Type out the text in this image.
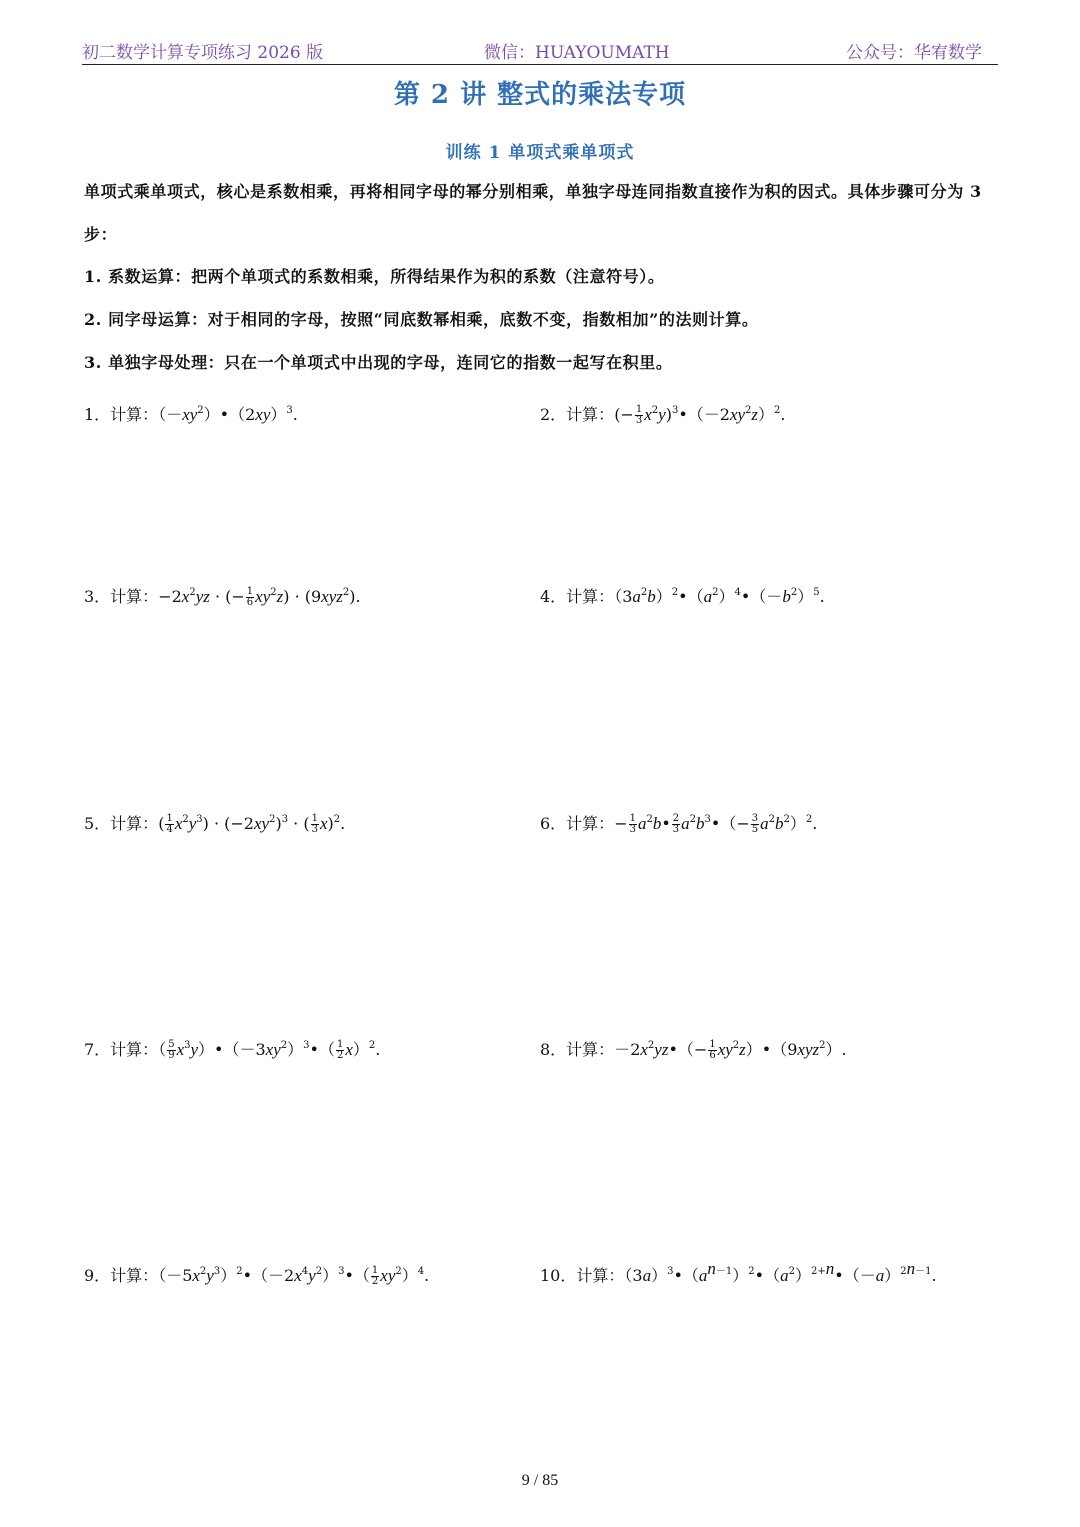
初二数学计算专项练习 2026 版	微信：HUAYOUMATH	公众号：华宥数学
第 2 讲 整式的乘法专项
训练 1 单项式乘单项式
单项式乘单项式，核心是系数相乘，再将相同字母的幂分别相乘，单独字母连同指数直接作为积的因式。具体步骤可分为 3 步：
1. 系数运算：把两个单项式的系数相乘，所得结果作为积的系数（注意符号）。
2. 同字母运算：对于相同的字母，按照“同底数幂相乘，底数不变，指数相加”的法则计算。
3. 单独字母处理：只在一个单项式中出现的字母，连同它的指数一起写在积里。
1．计算：$(-xy^2)•(2xy)^3$.	2．计算：(− $\frac{1}{3}$ $x^2y)^3•(-2xy^2z)^2$.
3．计算：$-2x^2yz$ · (− $\frac{1}{6} xy^2z) \cdot (9xyz^2)$.	4．计算：$(3a^2b)^2•(a^2)^4•(-b^2)^5$.
5．计算：( $\frac{1}{4} x^2y^3) \cdot (-2xy^2)^3$ · ( $\frac{1}{3} x)^2$.	6．计算：− $\frac{1}{3}$ $a^2b• \frac{2}{3}$ $a^2b^3•(- \frac{3}{5} a^2b^2)^2$.
7．计算：（ $\frac{5}{9}$ $x^3y)•(-3xy^2)^3•( \frac{1}{2} x)^2$.	8．计算：$-2x^2yz•(- \frac{1}{6}$ $xy^2z)•(9xyz^2)$.
9．计算：$(-5x^2y^3)^2•(-2x^4y^2)^3•( \frac{1}{2} xy^2)^4$.	10．计算：$(3a)^3•(a^{n-1})^2•(a^2)^{2+n}•(-a)^{2n-1}$.
9 / 85
